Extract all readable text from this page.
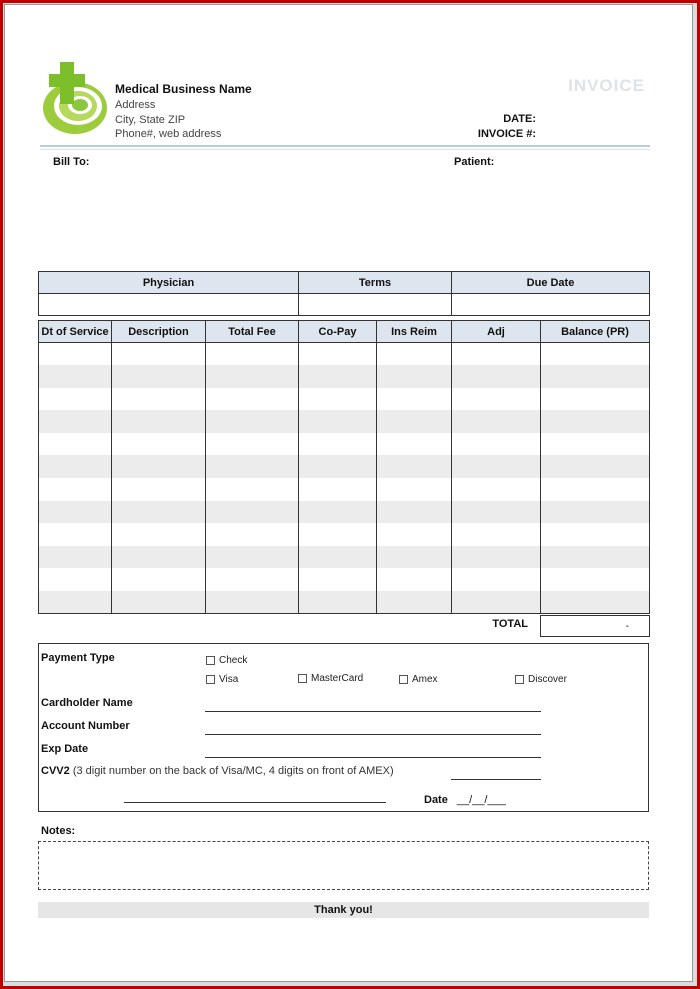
Medical Business Name
Address
City, State ZIP
Phone#, web address
INVOICE
DATE:
INVOICE #:
Bill To:	Patient:
Physician	Terms	Due Date

Dt of Service	Description	Total Fee	Co-Pay	Ins Reim	Adj	Balance (PR)

TOTAL	-
Payment Type	Check
Visa	MasterCard	Amex	Discover
Cardholder Name
Account Number
Exp Date
CVV2 (3 digit number on the back of Visa/MC, 4 digits on front of AMEX)
Date __/__/___
Notes:
Thank you!
